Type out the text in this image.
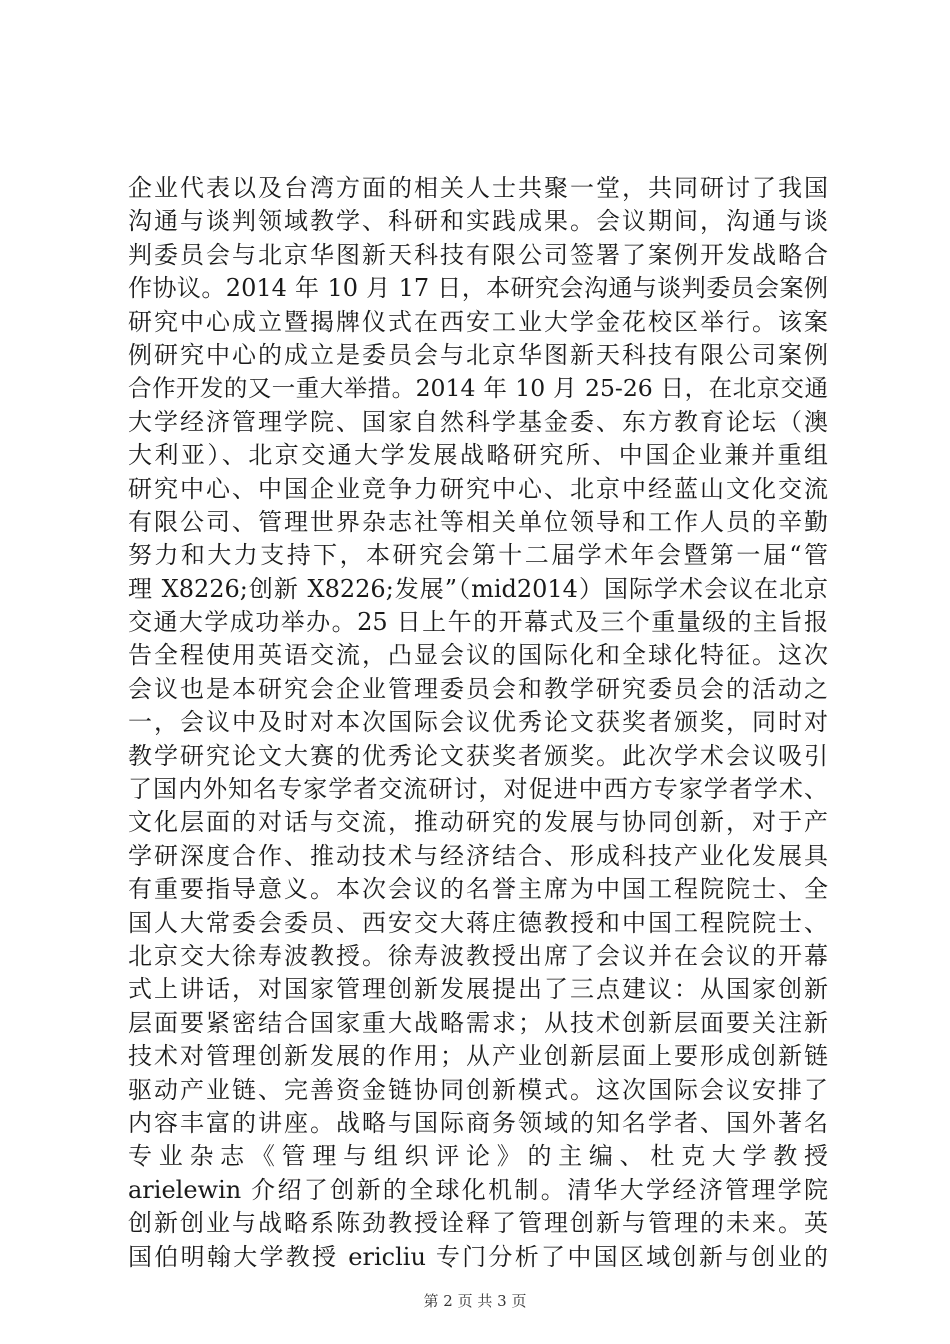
企业代表以及台湾方面的相关人士共聚一堂，共同研讨了我国
沟通与谈判领域教学、科研和实践成果。会议期间，沟通与谈
判委员会与北京华图新天科技有限公司签署了案例开发战略合
作协议。2014 年 10 月 17 日，本研究会沟通与谈判委员会案例
研究中心成立暨揭牌仪式在西安工业大学金花校区举行。该案
例研究中心的成立是委员会与北京华图新天科技有限公司案例
合作开发的又一重大举措。2014 年 10 月 25-26 日，在北京交通
大学经济管理学院、国家自然科学基金委、东方教育论坛（澳
大利亚）、北京交通大学发展战略研究所、中国企业兼并重组
研究中心、中国企业竞争力研究中心、北京中经蓝山文化交流
有限公司、管理世界杂志社等相关单位领导和工作人员的辛勤
努力和大力支持下，本研究会第十二届学术年会暨第一届“管
理 X8226;创新 X8226;发展”（mid2014）国际学术会议在北京
交通大学成功举办。25 日上午的开幕式及三个重量级的主旨报
告全程使用英语交流，凸显会议的国际化和全球化特征。这次
会议也是本研究会企业管理委员会和教学研究委员会的活动之
一，会议中及时对本次国际会议优秀论文获奖者颁奖，同时对
教学研究论文大赛的优秀论文获奖者颁奖。此次学术会议吸引
了国内外知名专家学者交流研讨，对促进中西方专家学者学术、
文化层面的对话与交流，推动研究的发展与协同创新，对于产
学研深度合作、推动技术与经济结合、形成科技产业化发展具
有重要指导意义。本次会议的名誉主席为中国工程院院士、全
国人大常委会委员、西安交大蒋庄德教授和中国工程院院士、
北京交大徐寿波教授。徐寿波教授出席了会议并在会议的开幕
式上讲话，对国家管理创新发展提出了三点建议：从国家创新
层面要紧密结合国家重大战略需求；从技术创新层面要关注新
技术对管理创新发展的作用；从产业创新层面上要形成创新链
驱动产业链、完善资金链协同创新模式。这次国际会议安排了
内容丰富的讲座。战略与国际商务领域的知名学者、国外著名
专业杂志《管理与组织评论》的主编、杜克大学教授
arielewin 介绍了创新的全球化机制。清华大学经济管理学院
创新创业与战略系陈劲教授诠释了管理创新与管理的未来。英
国伯明翰大学教授 ericliu 专门分析了中国区域创新与创业的
第 2 页 共 3 页
